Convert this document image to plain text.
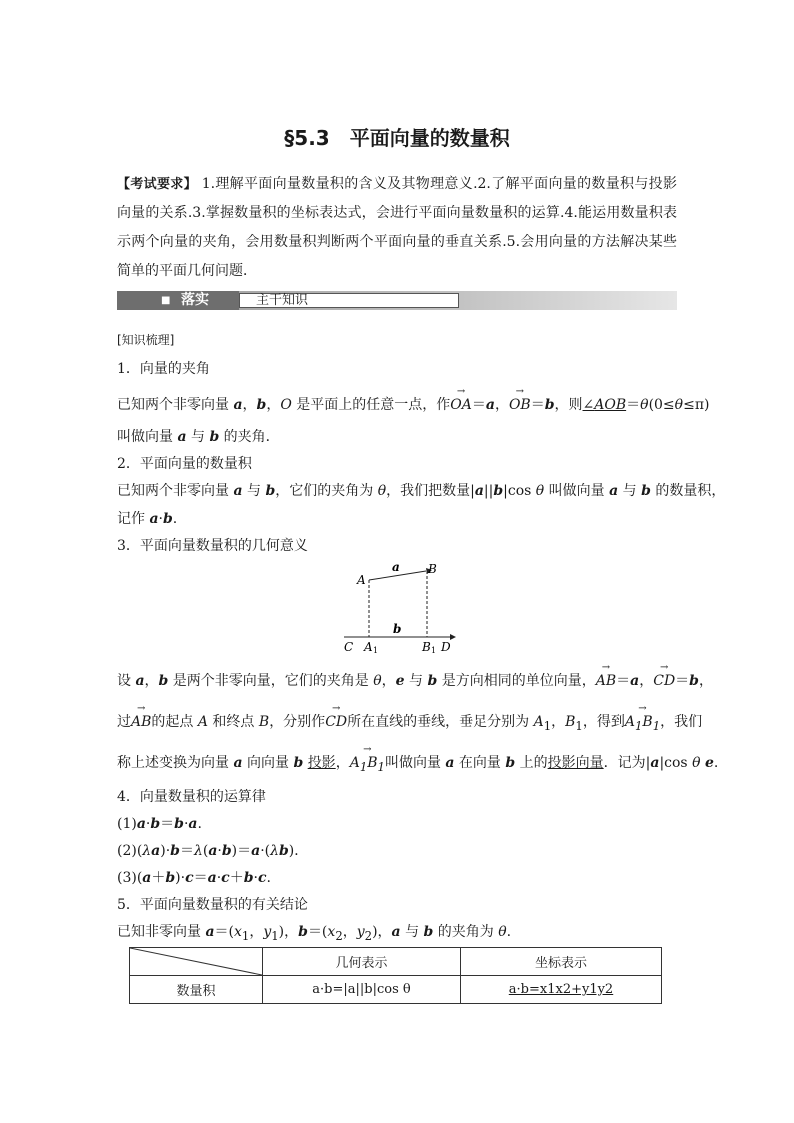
§5.3　平面向量的数量积
【考试要求】 1.理解平面向量数量积的含义及其物理意义.2.了解平面向量的数量积与投影向量的关系.3.掌握数量积的坐标表达式，会进行平面向量数量积的运算.4.能运用数量积表示两个向量的夹角，会用数量积判断两个平面向量的垂直关系.5.会用向量的方法解决某些简单的平面几何问题．
■ 落实	主干知识
[知识梳理]
1．向量的夹角
已知两个非零向量 a，b，O 是平面上的任意一点，作→ OA＝a，→ OB＝b，则∠AOB＝θ(0≤θ≤π)
叫做向量 a 与 b 的夹角．
2．平面向量的数量积
已知两个非零向量 a 与 b，它们的夹角为 θ，我们把数量|a||b|cos θ 叫做向量 a 与 b 的数量积，
记作 a·b.
3．平面向量数量积的几何意义
A
B
a
b
C A 1	B 1 D
设 a，b 是两个非零向量，它们的夹角是 θ，e 与 b 是方向相同的单位向量，→ AB＝a，→ CD＝b，
过→ AB的起点 A 和终点 B，分别作→ CD所在直线的垂线，垂足分别为 $A_1$，$B_1$，得到→ $A_1B_1$，我们
称上述变换为向量 a 向向量 b 投影，→ $A_1B_1$叫做向量 a 在向量 b 上的投影向量．记为|a|cos θ e.
4．向量数量积的运算律
(1)a·b＝b·a.
(2)(λa)·b＝λ(a·b)＝a·(λb)．
(3)(a＋b)·c＝a·c＋b·c.
5．平面向量数量积的有关结论
已知非零向量 $a=(x_1$，$y_1$)，$b=(x_2$，$y_2$)，a 与 b 的夹角为 θ.
	几何表示	坐标表示
数量积	a·b=|a||b|cos θ	a·b=x1x2+y1y2
